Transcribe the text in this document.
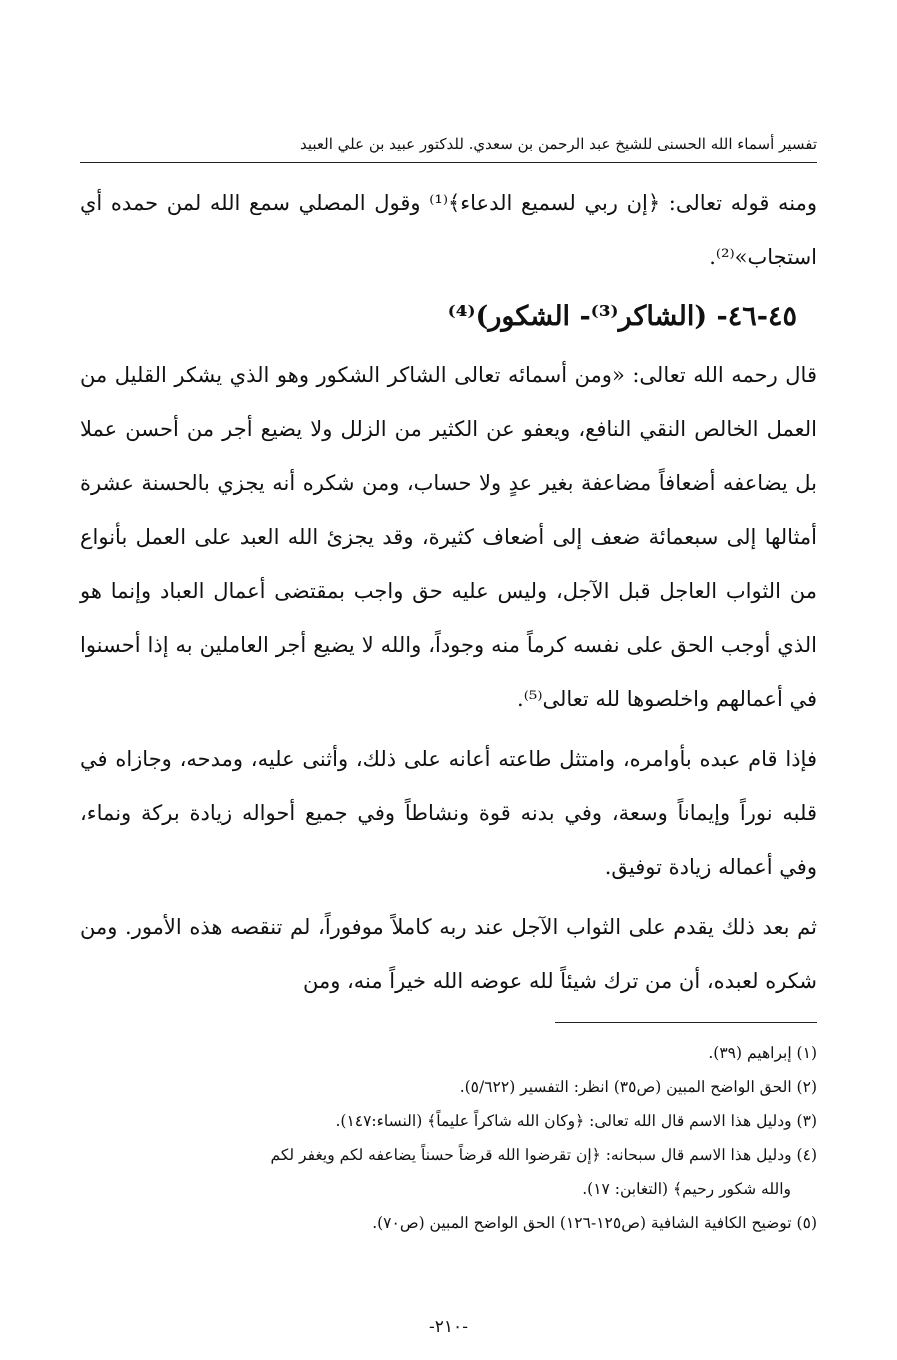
تفسير أسماء الله الحسنى للشيخ عبد الرحمن بن سعدي. للدكتور عبيد بن علي العبيد

ومنه قوله تعالى: ﴿إن ربي لسميع الدعاء﴾⁽¹⁾ وقول المصلي سمع الله لمن حمده أي استجاب»⁽²⁾.

٤٥-٤٦- (الشاكر⁽³⁾- الشكور)⁽⁴⁾

قال رحمه الله تعالى: «ومن أسمائه تعالى الشاكر الشكور وهو الذي يشكر القليل من العمل الخالص النقي النافع، ويعفو عن الكثير من الزلل ولا يضيع أجر من أحسن عملا بل يضاعفه أضعافاً مضاعفة بغير عدٍ ولا حساب، ومن شكره أنه يجزي بالحسنة عشرة أمثالها إلى سبعمائة ضعف إلى أضعاف كثيرة، وقد يجزئ الله العبد على العمل بأنواع من الثواب العاجل قبل الآجل، وليس عليه حق واجب بمقتضى أعمال العباد وإنما هو الذي أوجب الحق على نفسه كرماً منه وجوداً، والله لا يضيع أجر العاملين به إذا أحسنوا في أعمالهم واخلصوها لله تعالى⁽⁵⁾.

فإذا قام عبده بأوامره، وامتثل طاعته أعانه على ذلك، وأثنى عليه، ومدحه، وجازاه في قلبه نوراً وإيماناً وسعة، وفي بدنه قوة ونشاطاً وفي جميع أحواله زيادة بركة ونماء، وفي أعماله زيادة توفيق.

ثم بعد ذلك يقدم على الثواب الآجل عند ربه كاملاً موفوراً، لم تنقصه هذه الأمور. ومن شكره لعبده، أن من ترك شيئاً لله عوضه الله خيراً منه، ومن

(١) إبراهيم (٣٩).

(٢) الحق الواضح المبين (ص٣٥) انظر: التفسير (٥/٦٢٢).

(٣) ودليل هذا الاسم قال الله تعالى: ﴿وكان الله شاكراً عليماً﴾ (النساء:١٤٧).

(٤) ودليل هذا الاسم قال سبحانه: ﴿إن تقرضوا الله قرضاً حسناً يضاعفه لكم ويغفر لكم

والله شكور رحيم﴾ (التغابن: ١٧).

(٥) توضيح الكافية الشافية (ص١٢٥-١٢٦) الحق الواضح المبين (ص٧٠).

-٢١٠-
